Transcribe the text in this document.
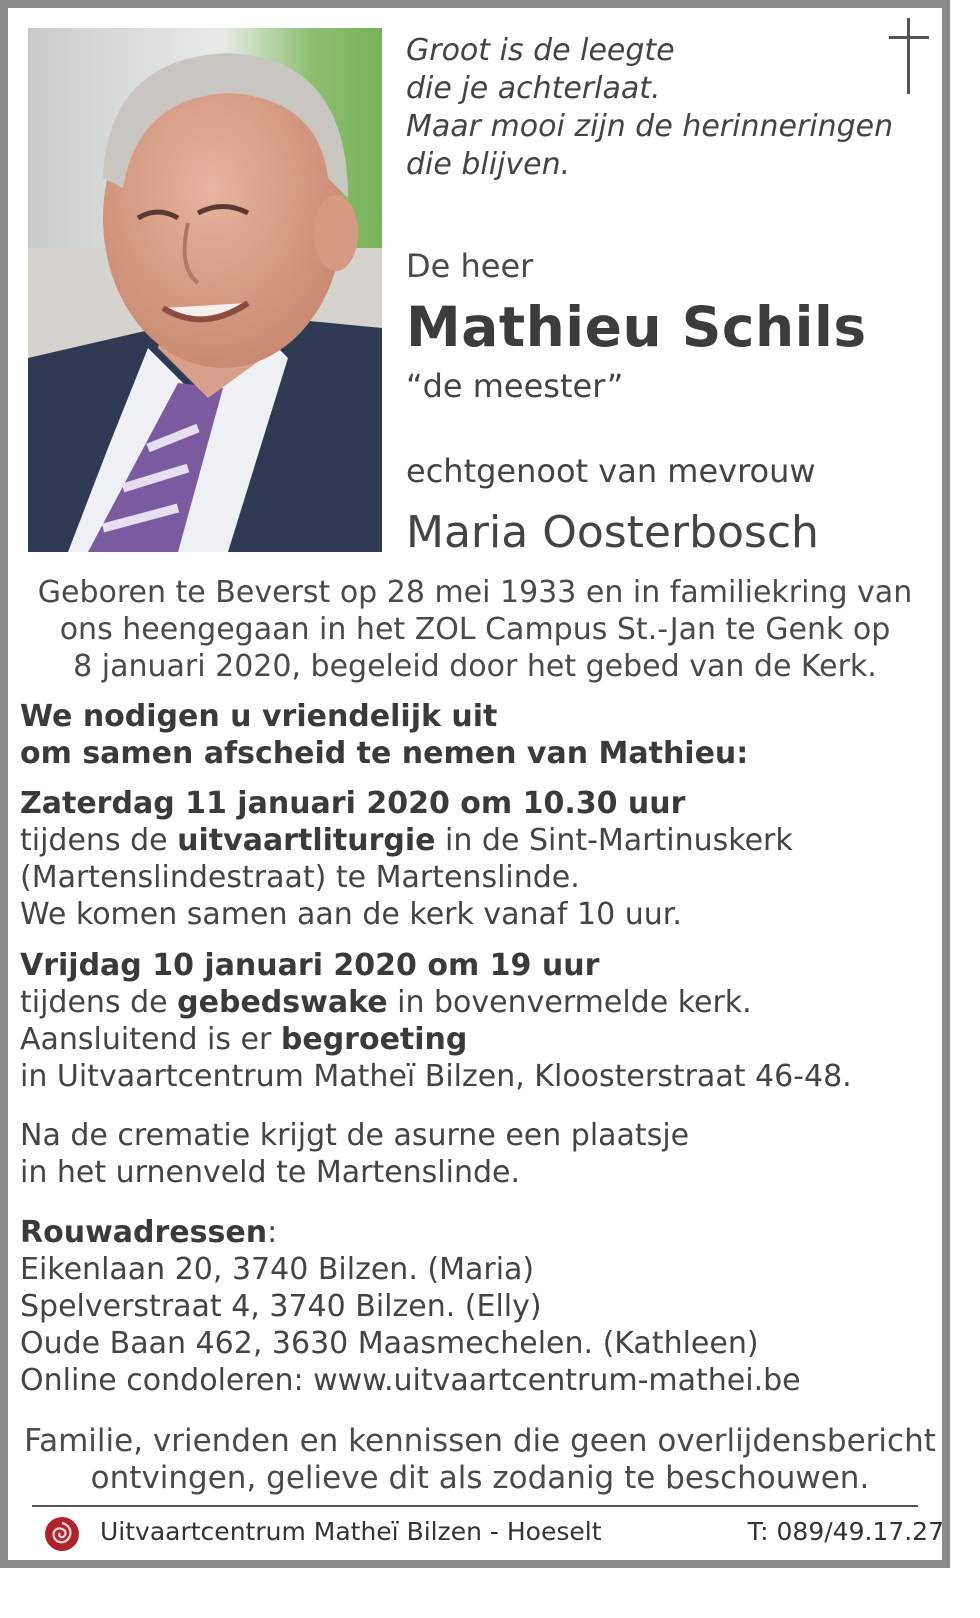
Groot is de leegte
die je achterlaat.
Maar mooi zijn de herinneringen
die blijven.
De heer
Mathieu Schils
“de meester”
echtgenoot van mevrouw
Maria Oosterbosch
Geboren te Beverst op 28 mei 1933 en in familiekring van
ons heengegaan in het ZOL Campus St.-Jan te Genk op
8 januari 2020, begeleid door het gebed van de Kerk.
We nodigen u vriendelijk uit
om samen afscheid te nemen van Mathieu:
Zaterdag 11 januari 2020 om 10.30 uur
tijdens de uitvaartliturgie in de Sint-Martinuskerk
(Martenslindestraat) te Martenslinde.
We komen samen aan de kerk vanaf 10 uur.
Vrijdag 10 januari 2020 om 19 uur
tijdens de gebedswake in bovenvermelde kerk.
Aansluitend is er begroeting
in Uitvaartcentrum Matheï Bilzen, Kloosterstraat 46-48.
Na de crematie krijgt de asurne een plaatsje
in het urnenveld te Martenslinde.
Rouwadressen:
Eikenlaan 20, 3740 Bilzen. (Maria)
Spelverstraat 4, 3740 Bilzen. (Elly)
Oude Baan 462, 3630 Maasmechelen. (Kathleen)
Online condoleren: www.uitvaartcentrum-mathei.be
Familie, vrienden en kennissen die geen overlijdensbericht
ontvingen, gelieve dit als zodanig te beschouwen.
Uitvaartcentrum Matheï Bilzen - Hoeselt	T: 089/49.17.27
